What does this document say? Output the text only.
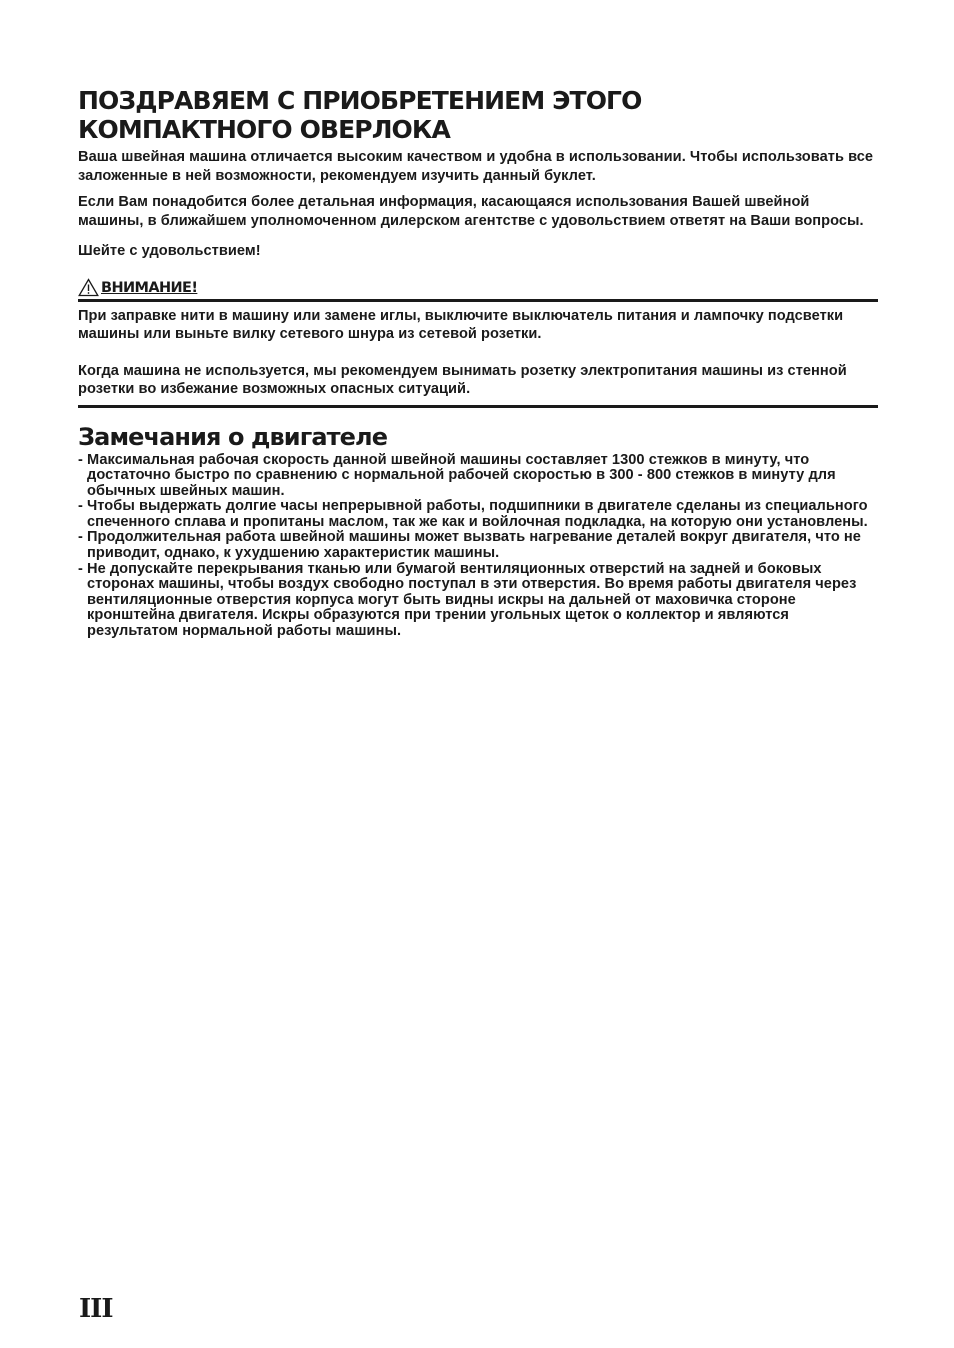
ПОЗДРАВЯЕМ С ПРИОБРЕТЕНИЕМ ЭТОГО
КОМПАКТНОГО ОВЕРЛОКА

Ваша швейная машина отличается высоким качеством и удобна в использовании. Чтобы использовать все заложенные в ней возможности, рекомендуем изучить данный буклет.

Если Вам понадобится более детальная информация, касающаяся использования Вашей швейной машины, в ближайшем уполномоченном дилерском агентстве с удовольствием ответят на Ваши вопросы.

Шейте с удовольствием!

ВНИМАНИЕ!

При заправке нити в машину или замене иглы, выключите выключатель питания и лампочку подсветки машины или выньте вилку сетевого шнура из сетевой розетки.

Когда машина не используется, мы рекомендуем вынимать розетку электропитания машины из стенной розетки во избежание возможных опасных ситуаций.

Замечания о двигателе
- Максимальная рабочая скорость данной швейной машины составляет 1300 стежков в минуту, что достаточно быстро по сравнению с нормальной рабочей скоростью в 300 - 800 стежков в минуту для обычных швейных машин.
- Чтобы выдержать долгие часы непрерывной работы, подшипники в двигателе сделаны из специального спеченного сплава и пропитаны маслом, так же как и войлочная подкладка, на которую они установлены.
- Продолжительная работа швейной машины может вызвать нагревание деталей вокруг двигателя, что не приводит, однако, к ухудшению характеристик машины.
- Не допускайте перекрывания тканью или бумагой вентиляционных отверстий на задней и боковых сторонах машины, чтобы воздух свободно поступал в эти отверстия. Во время работы двигателя через вентиляционные отверстия корпуса могут быть видны искры на дальней от маховичка стороне кронштейна двигателя. Искры образуются при трении угольных щеток о коллектор и являются результатом нормальной работы машины.
III
